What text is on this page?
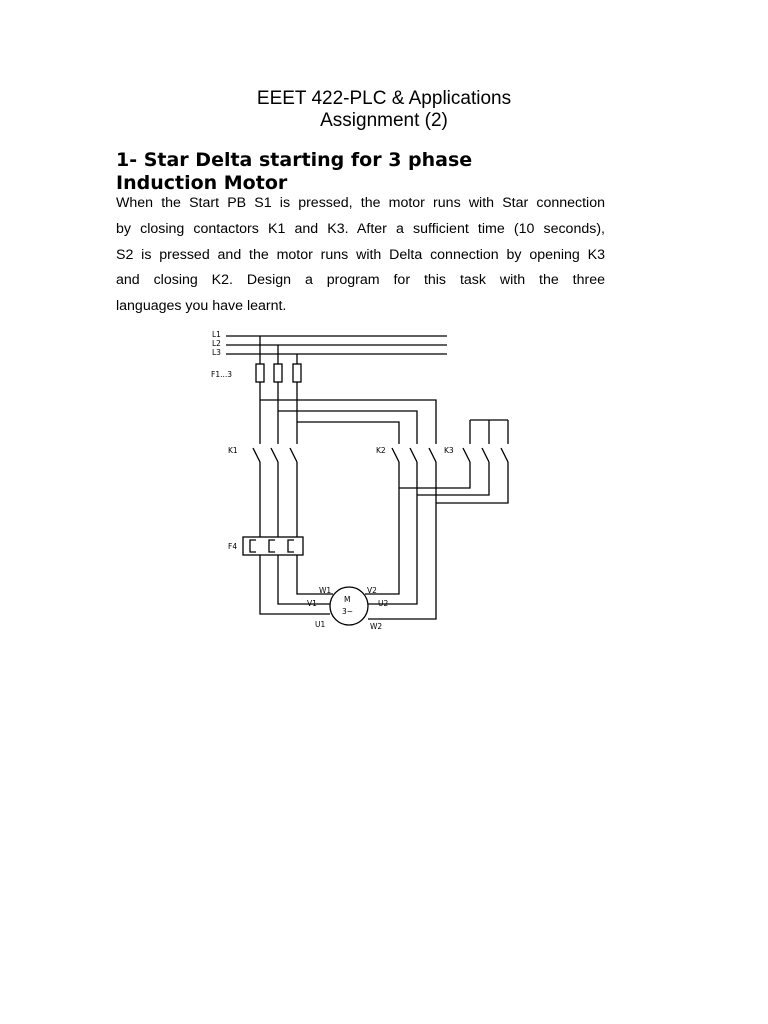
EEET 422-PLC & Applications
Assignment (2)
1- Star Delta starting for 3 phase
Induction Motor
When the Start PB S1 is pressed, the motor runs with Star connection
by closing contactors K1 and K3. After a sufficient time (10 seconds),
S2 is pressed and the motor runs with Delta connection by opening K3
and closing K2. Design a program for this task with the three
languages you have learnt.
L1
L2
L3
F1...3
K1	K2	K3
F4
M
3~
W1	V2
V1	U2
U1	W2
